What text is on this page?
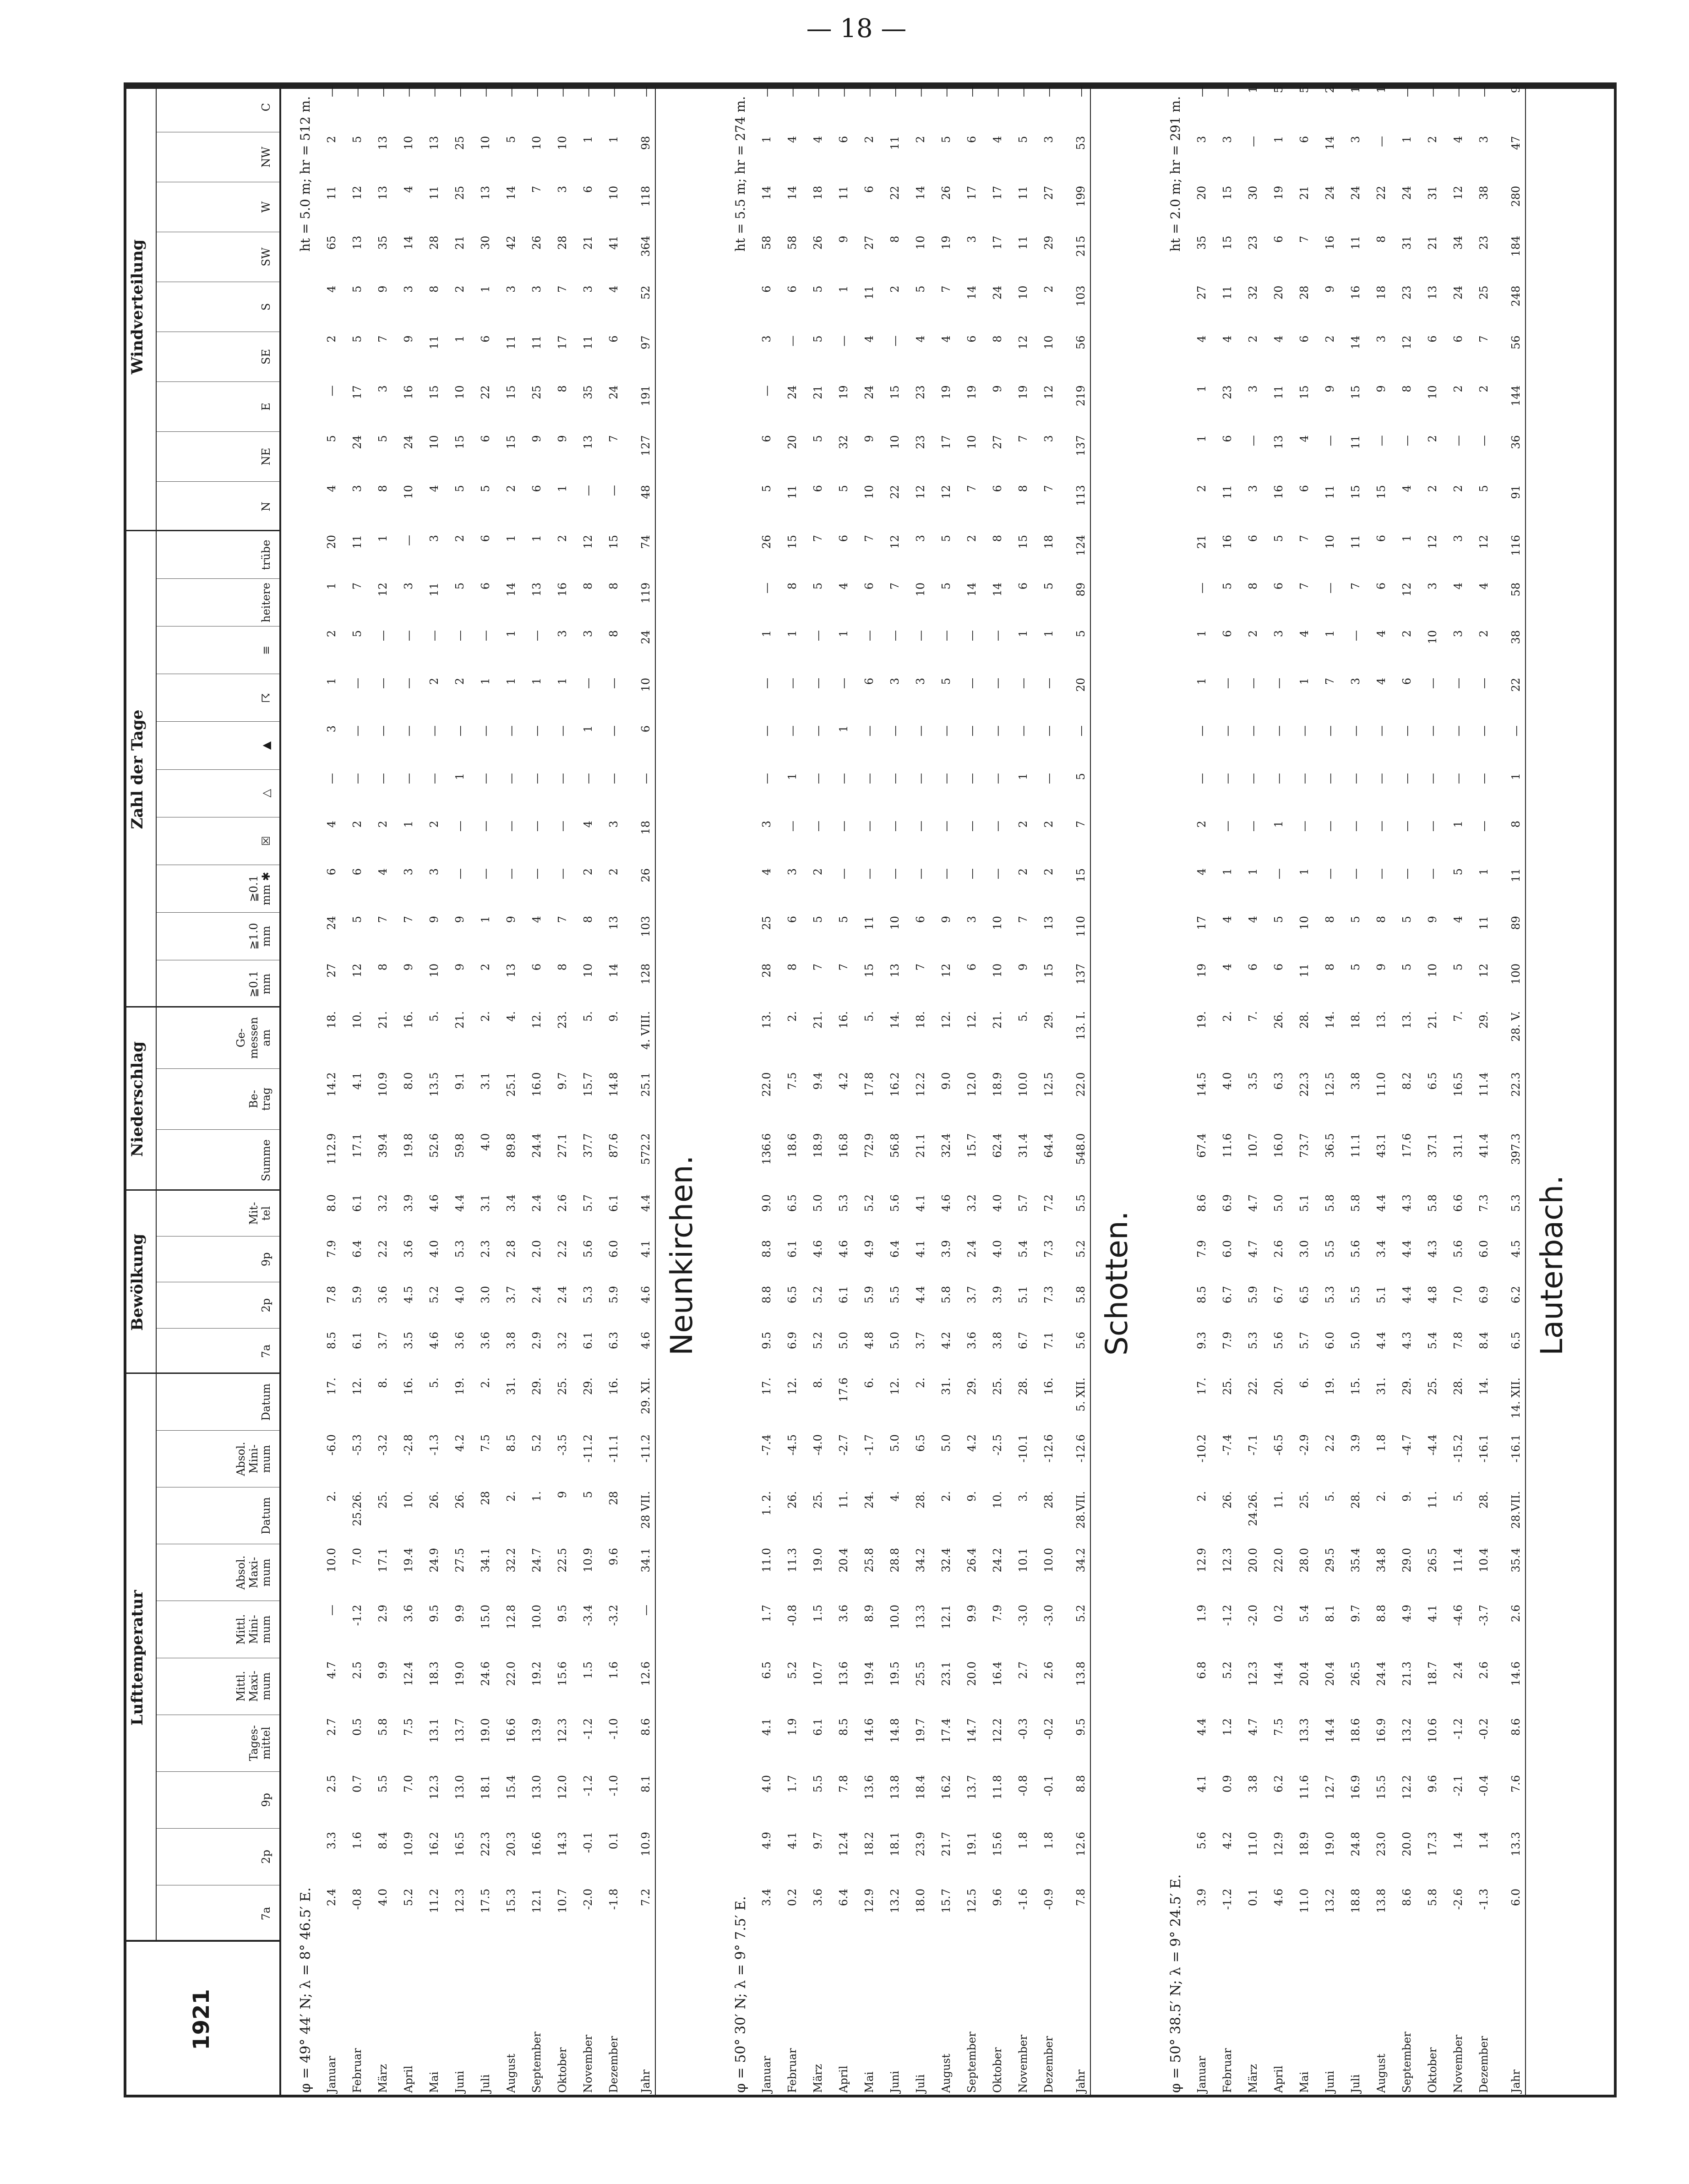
— 18 —
1921
Lufttemperatur
7a
2p
9p
Tages-
mittel
Mittl.
Maxi-
mum
Mittl.
Mini-
mum
Absol.
Maxi-
mum
Datum
Absol.
Mini-
mum
Datum
Bewölkung
7a
2p
9p
Mit-
tel
Niederschlag
Summe
Be-
trag
Ge-
messen
am
Zahl der Tage
≧0.1
mm
≧1.0
mm
≧0.1
mm ✱
☒
△
▲
☈
≡
heitere
trübe
Windverteilung
N
NE
E
SE
S
SW
W
NW
C
φ = 49° 44′ N; λ = 8° 46.5′ E.
Neunkirchen.
ht = 5.0 m; hr = 512 m.
Januar
2.4
3.3
2.5
2.7
4.7
—
10.0
2.
-6.0
17.
8.5
7.8
7.9
8.0
112.9
14.2
18.
27
24
6
4
—
3
1
2
1
20
4
5
—
2
4
65
11
2
—
Februar
-0.8
1.6
0.7
0.5
2.5
-1.2
7.0
25.26.
-5.3
12.
6.1
5.9
6.4
6.1
17.1
4.1
10.
12
5
6
2
—
—
—
5
7
11
3
24
17
5
5
13
12
5
—
März
4.0
8.4
5.5
5.8
9.9
2.9
17.1
25.
-3.2
8.
3.7
3.6
2.2
3.2
39.4
10.9
21.
8
7
4
2
—
—
—
—
12
1
8
5
3
7
9
35
13
13
—
April
5.2
10.9
7.0
7.5
12.4
3.6
19.4
10.
-2.8
16.
3.5
4.5
3.6
3.9
19.8
8.0
16.
9
7
3
1
—
—
—
—
3
—
10
24
16
9
3
14
4
10
—
Mai
11.2
16.2
12.3
13.1
18.3
9.5
24.9
26.
-1.3
5.
4.6
5.2
4.0
4.6
52.6
13.5
5.
10
9
3
2
—
—
2
—
11
3
4
10
15
11
8
28
11
13
—
Juni
12.3
16.5
13.0
13.7
19.0
9.9
27.5
26.
4.2
19.
3.6
4.0
5.3
4.4
59.8
9.1
21.
9
9
—
—
1
—
2
—
5
2
5
15
10
1
2
21
25
25
—
Juli
17.5
22.3
18.1
19.0
24.6
15.0
34.1
28
7.5
2.
3.6
3.0
2.3
3.1
4.0
3.1
2.
2
1
—
—
—
—
1
—
6
6
5
6
22
6
1
30
13
10
—
August
15.3
20.3
15.4
16.6
22.0
12.8
32.2
2.
8.5
31.
3.8
3.7
2.8
3.4
89.8
25.1
4.
13
9
—
—
—
—
1
1
14
1
2
15
15
11
3
42
14
5
—
September
12.1
16.6
13.0
13.9
19.2
10.0
24.7
1.
5.2
29.
2.9
2.4
2.0
2.4
24.4
16.0
12.
6
4
—
—
—
—
1
—
13
1
6
9
25
11
3
26
7
10
—
Oktober
10.7
14.3
12.0
12.3
15.6
9.5
22.5
9
-3.5
25.
3.2
2.4
2.2
2.6
27.1
9.7
23.
8
7
—
—
—
—
1
3
16
2
1
9
8
17
7
28
3
10
—
November
-2.0
-0.1
-1.2
-1.2
1.5
-3.4
10.9
5
-11.2
29.
6.1
5.3
5.6
5.7
37.7
15.7
5.
10
8
2
4
—
1
—
3
8
12
—
13
35
11
3
21
6
1
—
Dezember
-1.8
0.1
-1.0
-1.0
1.6
-3.2
9.6
28
-11.1
16.
6.3
5.9
6.0
6.1
87.6
14.8
9.
14
13
2
3
—
—
—
8
8
15
—
7
24
6
4
41
10
1
—
Jahr
7.2
10.9
8.1
8.6
12.6
—
34.1
28 VII.
-11.2
29. XI.
4.6
4.6
4.1
4.4
572.2
25.1
4. VIII.
128
103
26
18
—
6
10
24
119
74
48
127
191
97
52
364
118
98
—
φ = 50° 30′ N; λ = 9° 7.5′ E.
Schotten.
ht = 5.5 m; hr = 274 m.
Januar
3.4
4.9
4.0
4.1
6.5
1.7
11.0
1. 2.
-7.4
17.
9.5
8.8
8.8
9.0
136.6
22.0
13.
28
25
4
3
—
—
—
1
—
26
5
6
—
3
6
58
14
1
—
Februar
0.2
4.1
1.7
1.9
5.2
-0.8
11.3
26.
-4.5
12.
6.9
6.5
6.1
6.5
18.6
7.5
2.
8
6
3
—
1
—
—
1
8
15
11
20
24
—
6
58
14
4
—
März
3.6
9.7
5.5
6.1
10.7
1.5
19.0
25.
-4.0
8.
5.2
5.2
4.6
5.0
18.9
9.4
21.
7
5
2
—
—
—
—
—
5
7
6
5
21
5
5
26
18
4
—
April
6.4
12.4
7.8
8.5
13.6
3.6
20.4
11.
-2.7
17.6
5.0
6.1
4.6
5.3
16.8
4.2
16.
7
5
—
—
—
1
—
1
4
6
5
32
19
—
1
9
11
6
—
Mai
12.9
18.2
13.6
14.6
19.4
8.9
25.8
24.
-1.7
6.
4.8
5.9
4.9
5.2
72.9
17.8
5.
15
11
—
—
—
—
6
—
6
7
10
9
24
4
11
27
6
2
—
Juni
13.2
18.1
13.8
14.8
19.5
10.0
28.8
4.
5.0
12.
5.0
5.5
6.4
5.6
56.8
16.2
14.
13
10
—
—
—
—
3
—
7
12
22
10
15
—
2
8
22
11
—
Juli
18.0
23.9
18.4
19.7
25.5
13.3
34.2
28.
6.5
2.
3.7
4.4
4.1
4.1
21.1
12.2
18.
7
6
—
—
—
—
3
—
10
3
12
23
23
4
5
10
14
2
—
August
15.7
21.7
16.2
17.4
23.1
12.1
32.4
2.
5.0
31.
4.2
5.8
3.9
4.6
32.4
9.0
12.
12
9
—
—
—
—
5
—
5
5
12
17
19
4
7
19
26
5
—
September
12.5
19.1
13.7
14.7
20.0
9.9
26.4
9.
4.2
29.
3.6
3.7
2.4
3.2
15.7
12.0
12.
6
3
—
—
—
—
—
—
14
2
7
10
19
6
14
3
17
6
—
Oktober
9.6
15.6
11.8
12.2
16.4
7.9
24.2
10.
-2.5
25.
3.8
3.9
4.0
4.0
62.4
18.9
21.
10
10
—
—
—
—
—
—
14
8
6
27
9
8
24
17
17
4
—
November
-1.6
1.8
-0.8
-0.3
2.7
-3.0
10.1
3.
-10.1
28.
6.7
5.1
5.4
5.7
31.4
10.0
5.
9
7
2
2
1
—
—
1
6
15
8
7
19
12
10
11
11
5
—
Dezember
-0.9
1.8
-0.1
-0.2
2.6
-3.0
10.0
28.
-12.6
16.
7.1
7.3
7.3
7.2
64.4
12.5
29.
15
13
2
2
—
—
—
1
5
18
7
3
12
10
2
29
27
3
—
Jahr
7.8
12.6
8.8
9.5
13.8
5.2
34.2
28.VII.
-12.6
5. XII.
5.6
5.8
5.2
5.5
548.0
22.0
13. I.
137
110
15
7
5
—
20
5
89
124
113
137
219
56
103
215
199
53
—
φ = 50° 38.5′ N; λ = 9° 24.5′ E.
Lauterbach.
ht = 2.0 m; hr = 291 m.
Januar
3.9
5.6
4.1
4.4
6.8
1.9
12.9
2.
-10.2
17.
9.3
8.5
7.9
8.6
67.4
14.5
19.
19
17
4
2
—
—
1
1
—
21
2
1
1
4
27
35
20
3
—
Februar
-1.2
4.2
0.9
1.2
5.2
-1.2
12.3
26.
-7.4
25.
7.9
6.7
6.0
6.9
11.6
4.0
2.
4
4
1
—
—
—
—
6
5
16
11
6
23
4
11
15
15
3
—
März
0.1
11.0
3.8
4.7
12.3
-2.0
20.0
24.26.
-7.1
22.
5.3
5.9
4.7
4.7
10.7
3.5
7.
6
4
1
—
—
—
—
2
8
6
3
—
3
2
32
23
30
—
1
April
4.6
12.9
6.2
7.5
14.4
0.2
22.0
11.
-6.5
20.
5.6
6.7
2.6
5.0
16.0
6.3
26.
6
5
—
1
—
—
—
3
6
5
16
13
11
4
20
6
19
1
5
Mai
11.0
18.9
11.6
13.3
20.4
5.4
28.0
25.
-2.9
6.
5.7
6.5
3.0
5.1
73.7
22.3
28.
11
10
1
—
—
—
1
4
7
7
6
4
15
6
28
7
21
6
5
Juni
13.2
19.0
12.7
14.4
20.4
8.1
29.5
5.
2.2
19.
6.0
5.3
5.5
5.8
36.5
12.5
14.
8
8
—
—
—
—
7
1
—
10
11
—
9
2
9
16
24
14
2
Juli
18.8
24.8
16.9
18.6
26.5
9.7
35.4
28.
3.9
15.
5.0
5.5
5.6
5.8
11.1
3.8
18.
5
5
—
—
—
—
3
—
7
11
15
11
15
14
16
11
24
3
1
August
13.8
23.0
15.5
16.9
24.4
8.8
34.8
2.
1.8
31.
4.4
5.1
3.4
4.4
43.1
11.0
13.
9
8
—
—
—
—
4
4
6
6
15
—
9
3
18
8
22
—
1
September
8.6
20.0
12.2
13.2
21.3
4.9
29.0
9.
-4.7
29.
4.3
4.4
4.4
4.3
17.6
8.2
13.
5
5
—
—
—
—
6
2
12
1
4
—
8
12
23
31
24
1
—
Oktober
5.8
17.3
9.6
10.6
18.7
4.1
26.5
11.
-4.4
25.
5.4
4.8
4.3
5.8
37.1
6.5
21.
10
9
—
—
—
—
—
10
3
12
2
2
10
6
13
21
31
2
—
November
-2.6
1.4
-2.1
-1.2
2.4
-4.6
11.4
5.
-15.2
28.
7.8
7.0
5.6
6.6
31.1
16.5
7.
5
4
5
1
—
—
—
3
4
3
2
—
2
6
24
34
12
4
—
Dezember
-1.3
1.4
-0.4
-0.2
2.6
-3.7
10.4
28.
-16.1
14.
8.4
6.9
6.0
7.3
41.4
11.4
29.
12
11
1
—
—
—
—
2
4
12
5
—
2
7
25
23
38
3
—
Jahr
6.0
13.3
7.6
8.6
14.6
2.6
35.4
28.VII.
-16.1
14. XII.
6.5
6.2
4.5
5.3
397.3
22.3
28. V.
100
89
11
8
1
—
22
38
58
116
91
36
144
56
248
184
280
47
9
